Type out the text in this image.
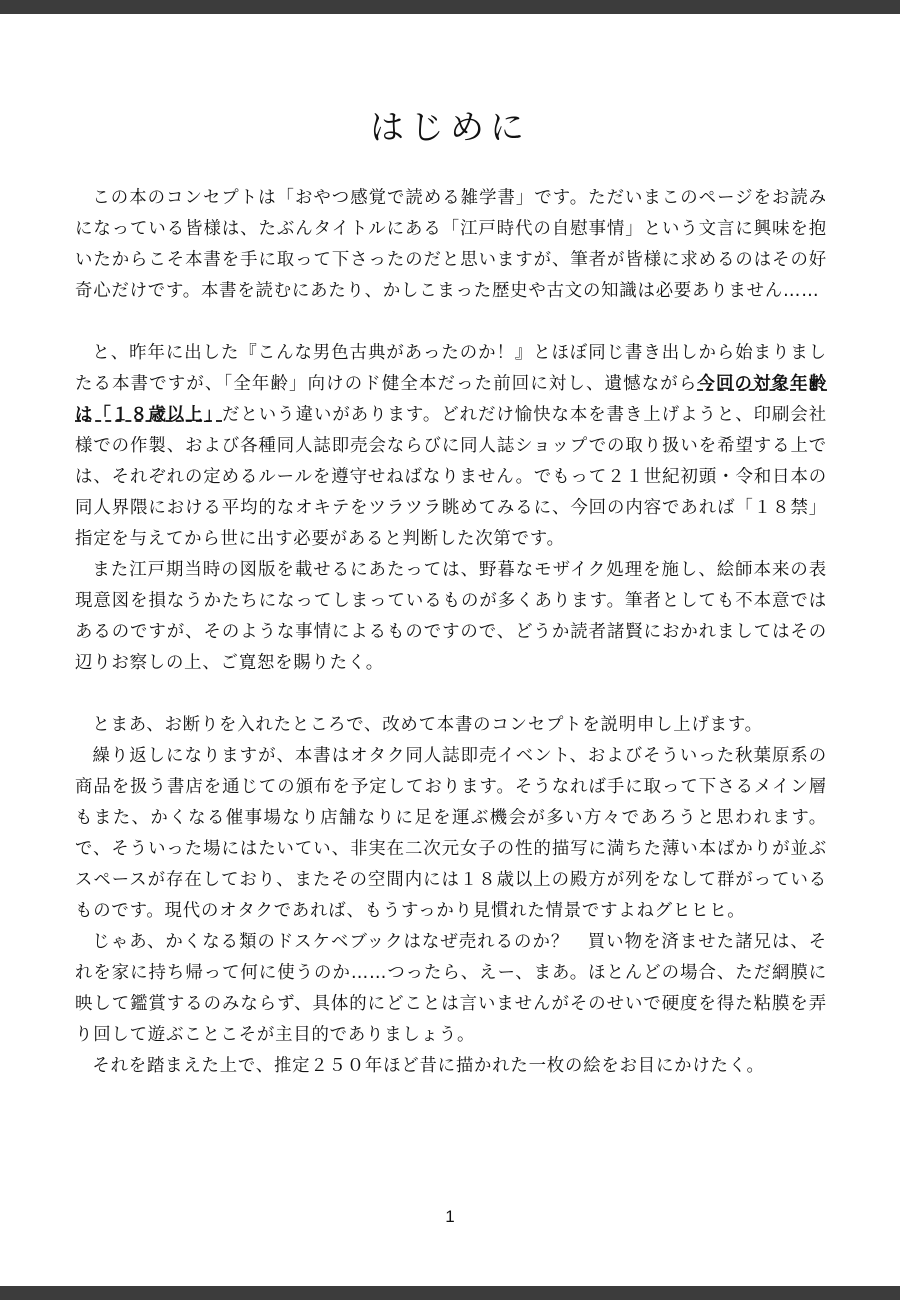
はじめに

この本のコンセプトは「おやつ感覚で読める雑学書」です。ただいまこのページをお読みになっている皆様は、たぶんタイトルにある「江戸時代の自慰事情」という文言に興味を抱いたからこそ本書を手に取って下さったのだと思いますが、筆者が皆様に求めるのはその好奇心だけです。本書を読むにあたり、かしこまった歴史や古文の知識は必要ありません……

と、昨年に出した『こんな男色古典があったのか！』とほぼ同じ書き出しから始まりましたる本書ですが、「全年齢」向けのド健全本だった前回に対し、遺憾ながら今回の対象年齢は「１８歳以上」だという違いがあります。どれだけ愉快な本を書き上げようと、印刷会社様での作製、および各種同人誌即売会ならびに同人誌ショップでの取り扱いを希望する上では、それぞれの定めるルールを遵守せねばなりません。でもって２１世紀初頭・令和日本の同人界隈における平均的なオキテをツラツラ眺めてみるに、今回の内容であれば「１８禁」指定を与えてから世に出す必要があると判断した次第です。

また江戸期当時の図版を載せるにあたっては、野暮なモザイク処理を施し、絵師本来の表現意図を損なうかたちになってしまっているものが多くあります。筆者としても不本意ではあるのですが、そのような事情によるものですので、どうか読者諸賢におかれましてはその辺りお察しの上、ご寛恕を賜りたく。

とまあ、お断りを入れたところで、改めて本書のコンセプトを説明申し上げます。

繰り返しになりますが、本書はオタク同人誌即売イベント、およびそういった秋葉原系の商品を扱う書店を通じての頒布を予定しております。そうなれば手に取って下さるメイン層もまた、かくなる催事場なり店舗なりに足を運ぶ機会が多い方々であろうと思われます。で、そういった場にはたいてい、非実在二次元女子の性的描写に満ちた薄い本ばかりが並ぶスペースが存在しており、またその空間内には１８歳以上の殿方が列をなして群がっているものです。現代のオタクであれば、もうすっかり見慣れた情景ですよねグヒヒヒ。

じゃあ、かくなる類のドスケベブックはなぜ売れるのか？　買い物を済ませた諸兄は、それを家に持ち帰って何に使うのか……つったら、えー、まあ。ほとんどの場合、ただ網膜に映して鑑賞するのみならず、具体的にどことは言いませんがそのせいで硬度を得た粘膜を弄り回して遊ぶことこそが主目的でありましょう。

それを踏まえた上で、推定２５０年ほど昔に描かれた一枚の絵をお目にかけたく。

1
